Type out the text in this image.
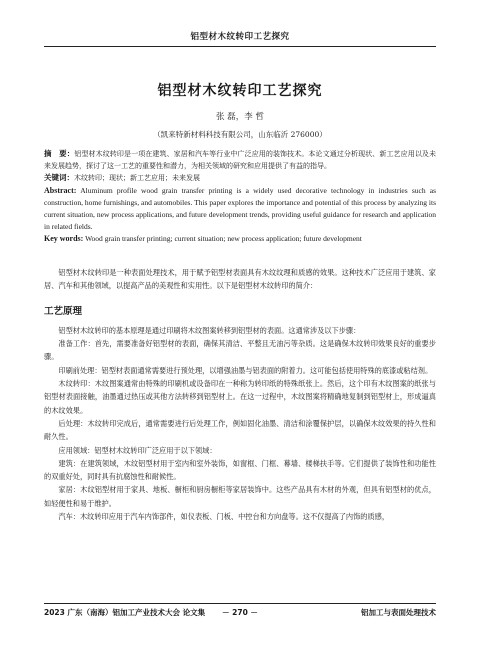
铝型材木纹转印工艺探究
铝型材木纹转印工艺探究
张 磊，李 哲
（凯来特新材料科技有限公司，山东临沂 276000）

摘　要：铝型材木纹转印是一项在建筑、家居和汽车等行业中广泛应用的装饰技术。本论文通过分析现状、新工艺应用以及未来发展趋势，探讨了这一工艺的重要性和潜力，为相关领域的研究和应用提供了有益的指导。

关键词：木纹转印；现状；新工艺应用；未来发展

Abstract: Aluminum profile wood grain transfer printing is a widely used decorative technology in industries such as construction, home furnishings, and automobiles. This paper explores the importance and potential of this process by analyzing its current situation, new process applications, and future development trends, providing useful guidance for research and application in related fields.

Key words: Wood grain transfer printing; current situation; new process application; future development

铝型材木纹转印是一种表面处理技术，用于赋予铝型材表面具有木纹纹理和质感的效果。这种技术广泛应用于建筑、家居、汽车和其他领域，以提高产品的美观性和实用性。以下是铝型材木纹转印的简介：

工艺原理

铝型材木纹转印的基本原理是通过印刷将木纹图案转移到铝型材的表面。这通常涉及以下步骤：

准备工作：首先，需要准备好铝型材的表面，确保其清洁、平整且无油污等杂质。这是确保木纹转印效果良好的重要步骤。

印刷前处理：铝型材表面通常需要进行预处理，以增强油墨与铝表面的附着力。这可能包括使用特殊的底漆或粘结剂。

木纹转印：木纹图案通常由特殊的印刷机或设备印在一种称为转印纸的特殊纸张上。然后，这个印有木纹图案的纸张与铝型材表面接触，油墨通过热压或其他方法转移到铝型材上。在这一过程中，木纹图案将精确地复制到铝型材上，形成逼真的木纹效果。

后处理：木纹转印完成后，通常需要进行后处理工作，例如固化油墨、清洁和涂覆保护层，以确保木纹效果的持久性和耐久性。

应用领域：铝型材木纹转印广泛应用于以下领域：

建筑：在建筑领域，木纹铝型材用于室内和室外装饰，如窗框、门框、幕墙、楼梯扶手等。它们提供了装饰性和功能性的双重好处，同时具有抗腐蚀性和耐候性。

家居：木纹铝型材用于家具、地板、橱柜和厨房橱柜等家居装饰中。这些产品具有木材的外观，但具有铝型材的优点，如轻便性和易于维护。

汽车：木纹转印应用于汽车内饰部件，如仪表板、门板、中控台和方向盘等。这不仅提高了内饰的质感，

2023 广东（南海）铝加工产业技术大会 论文集	－ 270 －	铝加工与表面处理技术
